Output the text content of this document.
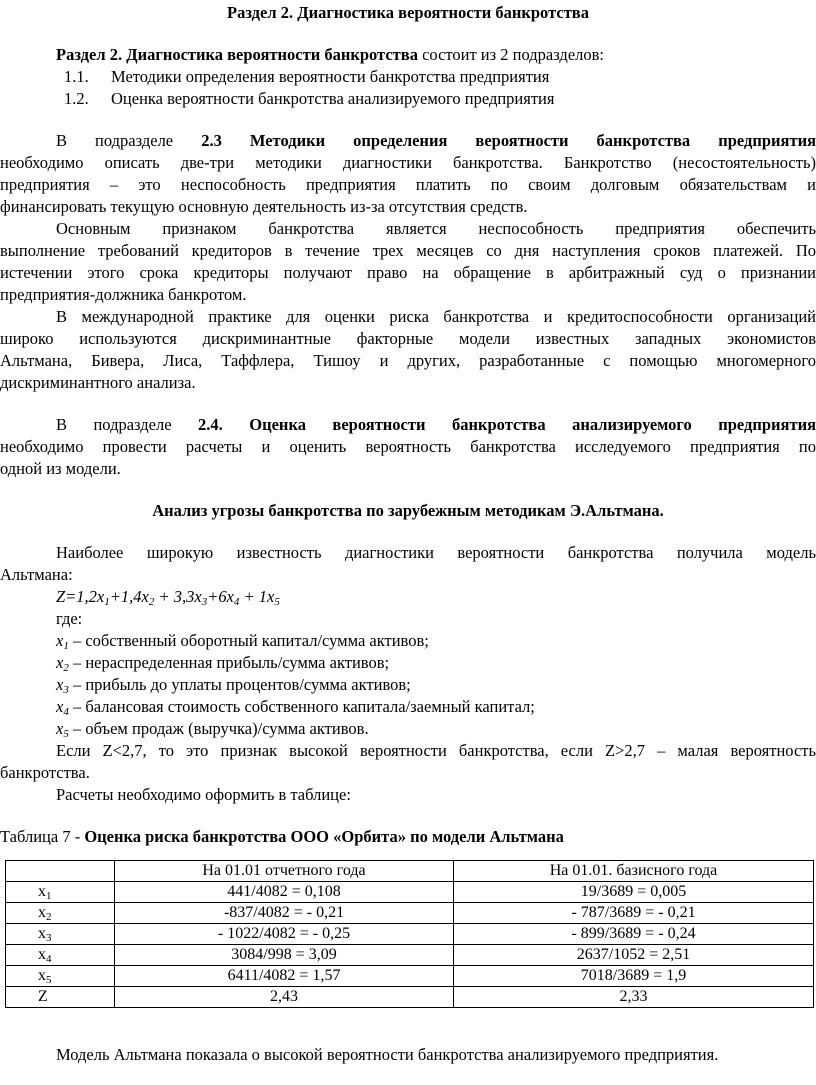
Раздел 2. Диагностика вероятности банкротства
Раздел 2. Диагностика вероятности банкротства состоит из 2 подразделов:
1.1. Методики определения вероятности банкротства предприятия
1.2. Оценка вероятности банкротства анализируемого предприятия
В подразделе 2.3 Методики определения вероятности банкротства предприятия
необходимо описать две-три методики диагностики банкротства. Банкротство (несостоятельность)
предприятия – это неспособность предприятия платить по своим долговым обязательствам и
финансировать текущую основную деятельность из-за отсутствия средств.
Основным признаком банкротства является неспособность предприятия обеспечить
выполнение требований кредиторов в течение трех месяцев со дня наступления сроков платежей. По
истечении этого срока кредиторы получают право на обращение в арбитражный суд о признании
предприятия-должника банкротом.
В международной практике для оценки риска банкротства и кредитоспособности организаций
широко используются дискриминантные факторные модели известных западных экономистов
Альтмана, Бивера, Лиса, Таффлера, Тишоу и других, разработанные с помощью многомерного
дискриминантного анализа.
В подразделе 2.4. Оценка вероятности банкротства анализируемого предприятия
необходимо провести расчеты и оценить вероятность банкротства исследуемого предприятия по
одной из модели.
Анализ угрозы банкротства по зарубежным методикам Э.Альтмана.
Наиболее широкую известность диагностики вероятности банкротства получила модель
Альтмана:
$Z=1,2x_1+1,4x_2 + 3,3x_3+6x_4 + 1x_5$
где:
$x_1$ – собственный оборотный капитал/сумма активов;
$x_2$ – нераспределенная прибыль/сумма активов;
$x_3$ – прибыль до уплаты процентов/сумма активов;
$x_4$ – балансовая стоимость собственного капитала/заемный капитал;
$x_5$ – объем продаж (выручка)/сумма активов.
Если Z<2,7, то это признак высокой вероятности банкротства, если Z>2,7 – малая вероятность
банкротства.
Расчеты необходимо оформить в таблице:
Таблица 7 - Оценка риска банкротства ООО «Орбита» по модели Альтмана
	На 01.01 отчетного года	На 01.01. базисного года
$x_1$	441/4082 = 0,108	19/3689 = 0,005
$x_2$	-837/4082 = - 0,21	- 787/3689 = - 0,21
$x_3$	- 1022/4082 = - 0,25	- 899/3689 = - 0,24
$x_4$	3084/998 = 3,09	2637/1052 = 2,51
$x_5$	6411/4082 = 1,57	7018/3689 = 1,9
Z	2,43	2,33
Модель Альтмана показала о высокой вероятности банкротства анализируемого предприятия.
